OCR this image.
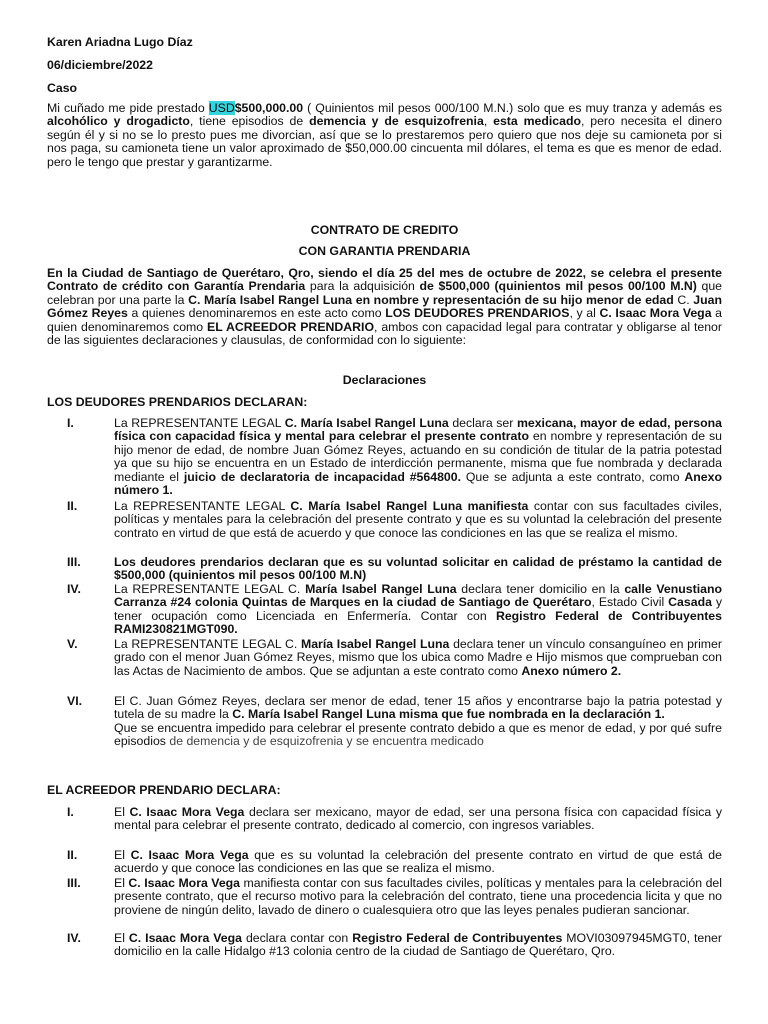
Karen Ariadna Lugo Díaz
06/diciembre/2022
Caso

Mi cuñado me pide prestado USD$500,000.00 ( Quinientos mil pesos 000/100 M.N.) solo que es muy tranza y además es alcohólico y drogadicto, tiene episodios de demencia y de esquizofrenia, esta medicado, pero necesita el dinero según él y si no se lo presto pues me divorcian, así que se lo prestaremos pero quiero que nos deje su camioneta por si nos paga, su camioneta tiene un valor aproximado de $50,000.00 cincuenta mil dólares, el tema es que es menor de edad. pero le tengo que prestar y garantizarme.

CONTRATO DE CREDITO
CON GARANTIA PRENDARIA

En la Ciudad de Santiago de Querétaro, Qro, siendo el día 25 del mes de octubre de 2022, se celebra el presente Contrato de crédito con Garantía Prendaria para la adquisición de $500,000 (quinientos mil pesos 00/100 M.N) que celebran por una parte la C. María Isabel Rangel Luna en nombre y representación de su hijo menor de edad C. Juan Gómez Reyes a quienes denominaremos en este acto como LOS DEUDORES PRENDARIOS, y al C. Isaac Mora Vega a quien denominaremos como EL ACREEDOR PRENDARIO, ambos con capacidad legal para contratar y obligarse al tenor de las siguientes declaraciones y clausulas, de conformidad con lo siguiente:

Declaraciones
LOS DEUDORES PRENDARIOS DECLARAN:
I.	La REPRESENTANTE LEGAL C. María Isabel Rangel Luna declara ser mexicana, mayor de edad, persona física con capacidad física y mental para celebrar el presente contrato en nombre y representación de su hijo menor de edad, de nombre Juan Gómez Reyes, actuando en su condición de titular de la patria potestad ya que su hijo se encuentra en un Estado de interdicción permanente, misma que fue nombrada y declarada mediante el juicio de declaratoria de incapacidad #564800. Que se adjunta a este contrato, como Anexo número 1.
II.	La REPRESENTANTE LEGAL C. María Isabel Rangel Luna manifiesta contar con sus facultades civiles, políticas y mentales para la celebración del presente contrato y que es su voluntad la celebración del presente contrato en virtud de que está de acuerdo y que conoce las condiciones en las que se realiza el mismo.
III.	Los deudores prendarios declaran que es su voluntad solicitar en calidad de préstamo la cantidad de $500,000 (quinientos mil pesos 00/100 M.N)
IV.	La REPRESENTANTE LEGAL C. María Isabel Rangel Luna declara tener domicilio en la calle Venustiano Carranza #24 colonia Quintas de Marques en la ciudad de Santiago de Querétaro, Estado Civil Casada y tener ocupación como Licenciada en Enfermería. Contar con Registro Federal de Contribuyentes RAMI230821MGT090.
V.	La REPRESENTANTE LEGAL C. María Isabel Rangel Luna declara tener un vínculo consanguíneo en primer grado con el menor Juan Gómez Reyes, mismo que los ubica como Madre e Hijo mismos que comprueban con las Actas de Nacimiento de ambos. Que se adjuntan a este contrato como Anexo número 2.
VI.	El C. Juan Gómez Reyes, declara ser menor de edad, tener 15 años y encontrarse bajo la patria potestad y tutela de su madre la C. María Isabel Rangel Luna misma que fue nombrada en la declaración 1.

Que se encuentra impedido para celebrar el presente contrato debido a que es menor de edad, y por qué sufre episodios de demencia y de esquizofrenia y se encuentra medicado

EL ACREEDOR PRENDARIO DECLARA:
I.	El C. Isaac Mora Vega declara ser mexicano, mayor de edad, ser una persona física con capacidad física y mental para celebrar el presente contrato, dedicado al comercio, con ingresos variables.
II.	El C. Isaac Mora Vega que es su voluntad la celebración del presente contrato en virtud de que está de acuerdo y que conoce las condiciones en las que se realiza el mismo.
III.	El C. Isaac Mora Vega manifiesta contar con sus facultades civiles, políticas y mentales para la celebración del presente contrato, que el recurso motivo para la celebración del contrato, tiene una procedencia licita y que no proviene de ningún delito, lavado de dinero o cualesquiera otro que las leyes penales pudieran sancionar.
IV.	El C. Isaac Mora Vega declara contar con Registro Federal de Contribuyentes MOVI03097945MGT0, tener domicilio en la calle Hidalgo #13 colonia centro de la ciudad de Santiago de Querétaro, Qro.
